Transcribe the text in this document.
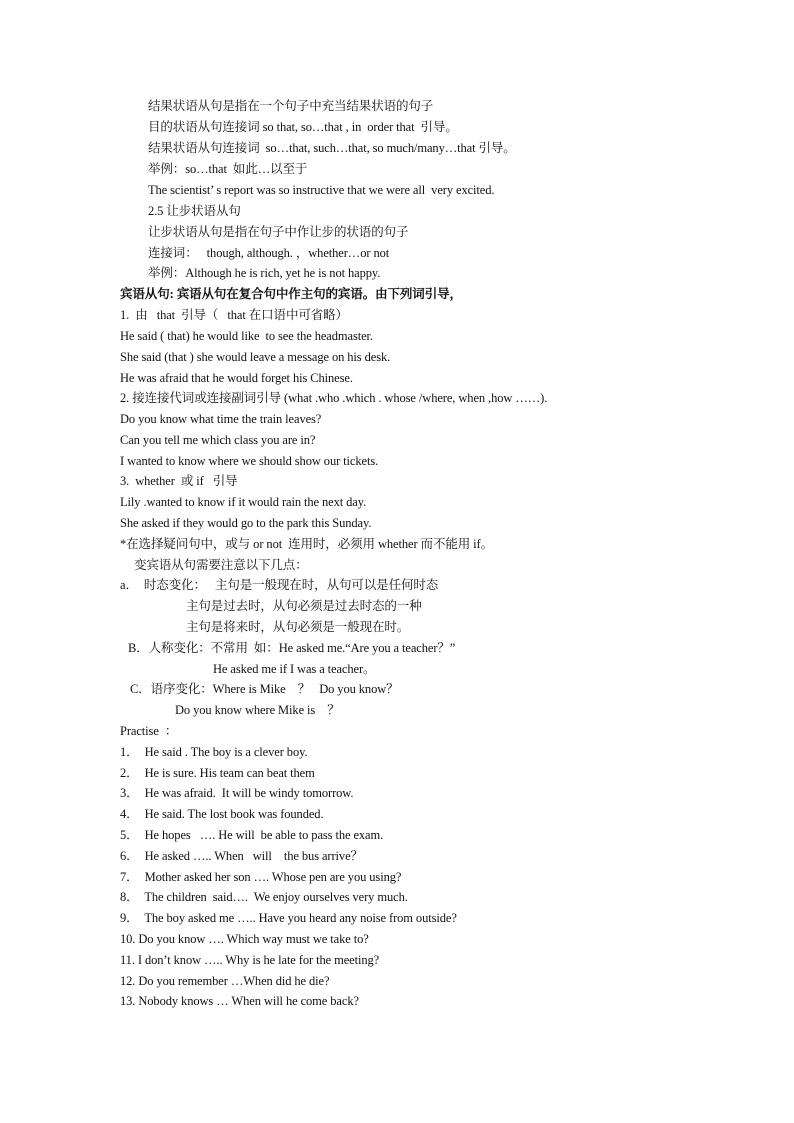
结果状语从句是指在一个句子中充当结果状语的句子
目的状语从句连接词 so that, so…that , in  order that  引导。
结果状语从句连接词  so…that, such…that, so much/many…that 引导。
举例：so…that  如此…以至于
The scientist’ s report was so instructive that we were all  very excited.
2.5 让步状语从句
让步状语从句是指在句子中作让步的状语的句子
连接词：   though, although. ，whether…or not
举例：Although he is rich, yet he is not happy.
宾语从句: 宾语从句在复合句中作主句的宾语。由下列词引导，
1.  由   that  引导（   that 在口语中可省略）
He said ( that) he would like  to see the headmaster.
She said (that ) she would leave a message on his desk.
He was afraid that he would forget his Chinese.
2. 接连接代词或连接副词引导 (what .who .which . whose /where, when ,how ……).
Do you know what time the train leaves?
Can you tell me which class you are in?
I wanted to know where we should show our tickets.
3.  whether  或 if   引导
Lily .wanted to know if it would rain the next day.
She asked if they would go to the park this Sunday.
*在选择疑问句中，或与 or not  连用时，必须用 whether 而不能用 if。
变宾语从句需要注意以下几点：
a．  时态变化：   主句是一般现在时，从句可以是任何时态
主句是过去时，从句必须是过去时态的一种
主句是将来时，从句必须是一般现在时。
B．人称变化：不常用  如：He asked me.“Are you a teacher？”
He asked me if I was a teacher。
C．语序变化：Where is Mike    ？   Do you know？
Do you know where Mike is    ？
Practise  ：
1．  He said . The boy is a clever boy.
2．  He is sure. His team can beat them
3．  He was afraid.  It will be windy tomorrow.
4．  He said. The lost book was founded.
5．  He hopes   …. He will  be able to pass the exam.
6．  He asked ….. When   will    the bus arrive？
7．  Mother asked her son …. Whose pen are you using?
8．  The children  said….  We enjoy ourselves very much.
9．  The boy asked me ….. Have you heard any noise from outside?
10. Do you know …. Which way must we take to?
11. I don’t know ….. Why is he late for the meeting?
12. Do you remember …When did he die?
13. Nobody knows … When will he come back?
